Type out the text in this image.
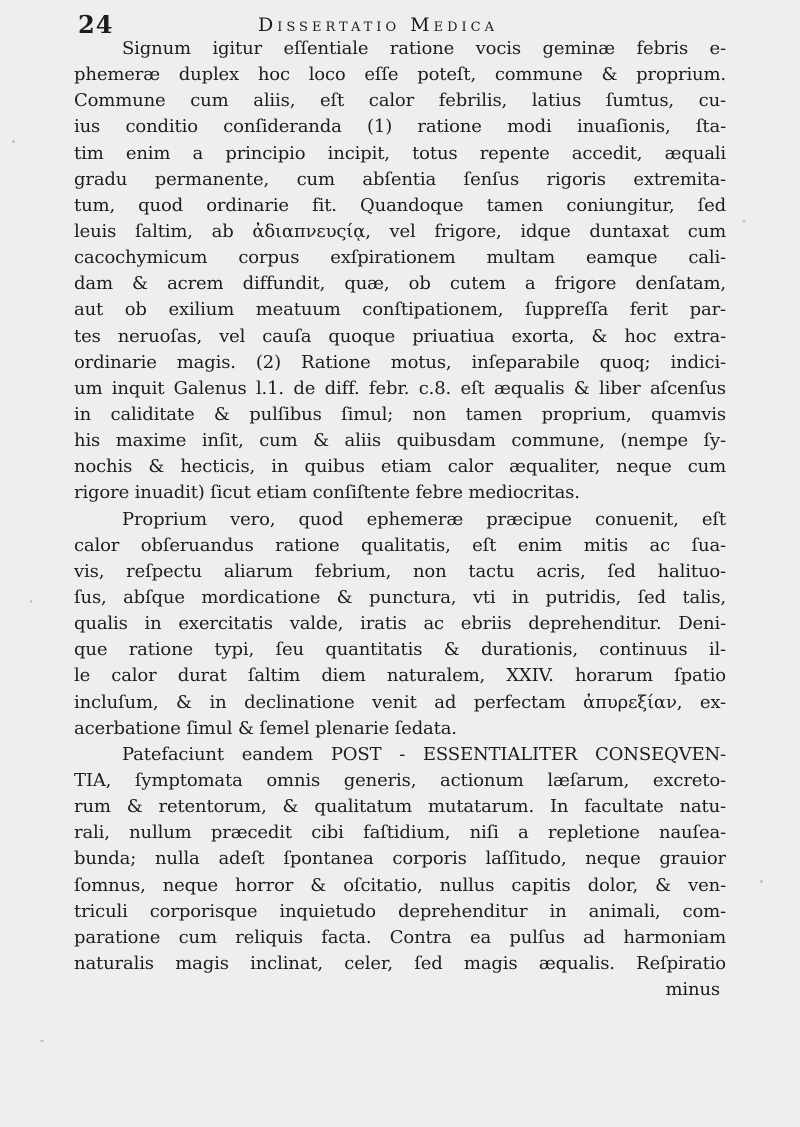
24	Dissertatio Medica
Signum igitur eſſentiale ratione vocis geminæ febris e-
phemeræ duplex hoc loco eſſe poteſt, commune & proprium.
Commune cum aliis, eſt calor febrilis, latius ſumtus, cu-
ius conditio conſideranda (1) ratione modi inuaſionis, ſta-
tim enim a principio incipit, totus repente accedit, æquali
gradu permanente, cum abſentia ſenſus rigoris extremita-
tum, quod ordinarie fit. Quandoque tamen coniungitur, ſed
leuis ſaltim, ab ἀδιαπνευςίᾳ, vel frigore, idque duntaxat cum
cacochymicum corpus exſpirationem multam eamque cali-
dam & acrem diffundit, quæ, ob cutem a frigore denſatam,
aut ob exilium meatuum conſtipationem, ſuppreſſa ferit par-
tes neruoſas, vel cauſa quoque priuatiua exorta, & hoc extra-
ordinarie magis. (2) Ratione motus, inſeparabile quoq; indici-
um inquit Galenus l.1. de diff. febr. c.8. eſt æqualis & liber aſcenſus
in caliditate & pulſibus ſimul; non tamen proprium, quamvis
his maxime inſit, cum & aliis quibusdam commune, (nempe ſy-
nochis & hecticis, in quibus etiam calor æqualiter, neque cum
rigore inuadit) ſicut etiam conſiſtente febre mediocritas.
Proprium vero, quod ephemeræ præcipue conuenit, eſt
calor obſeruandus ratione qualitatis, eſt enim mitis ac ſua-
vis, reſpectu aliarum febrium, non tactu acris, ſed halituo-
ſus, abſque mordicatione & punctura, vti in putridis, ſed talis,
qualis in exercitatis valde, iratis ac ebriis deprehenditur. Deni-
que ratione typi, ſeu quantitatis & durationis, continuus il-
le calor durat ſaltim diem naturalem, XXIV. horarum ſpatio
incluſum, & in declinatione venit ad perfectam ἀπυρεξίαν, ex-
acerbatione ſimul & ſemel plenarie ſedata.
Patefaciunt eandem POST - ESSENTIALITER CONSEQVEN-
TIA, ſymptomata omnis generis, actionum læſarum, excreto-
rum & retentorum, & qualitatum mutatarum. In facultate natu-
rali, nullum præcedit cibi faſtidium, niſi a repletione nauſea-
bunda; nulla adeſt ſpontanea corporis laſſitudo, neque grauior
ſomnus, neque horror & oſcitatio, nullus capitis dolor, & ven-
triculi corporisque inquietudo deprehenditur in animali, com-
paratione cum reliquis facta. Contra ea pulſus ad harmoniam
naturalis magis inclinat, celer, ſed magis æqualis. Reſpiratio
minus
